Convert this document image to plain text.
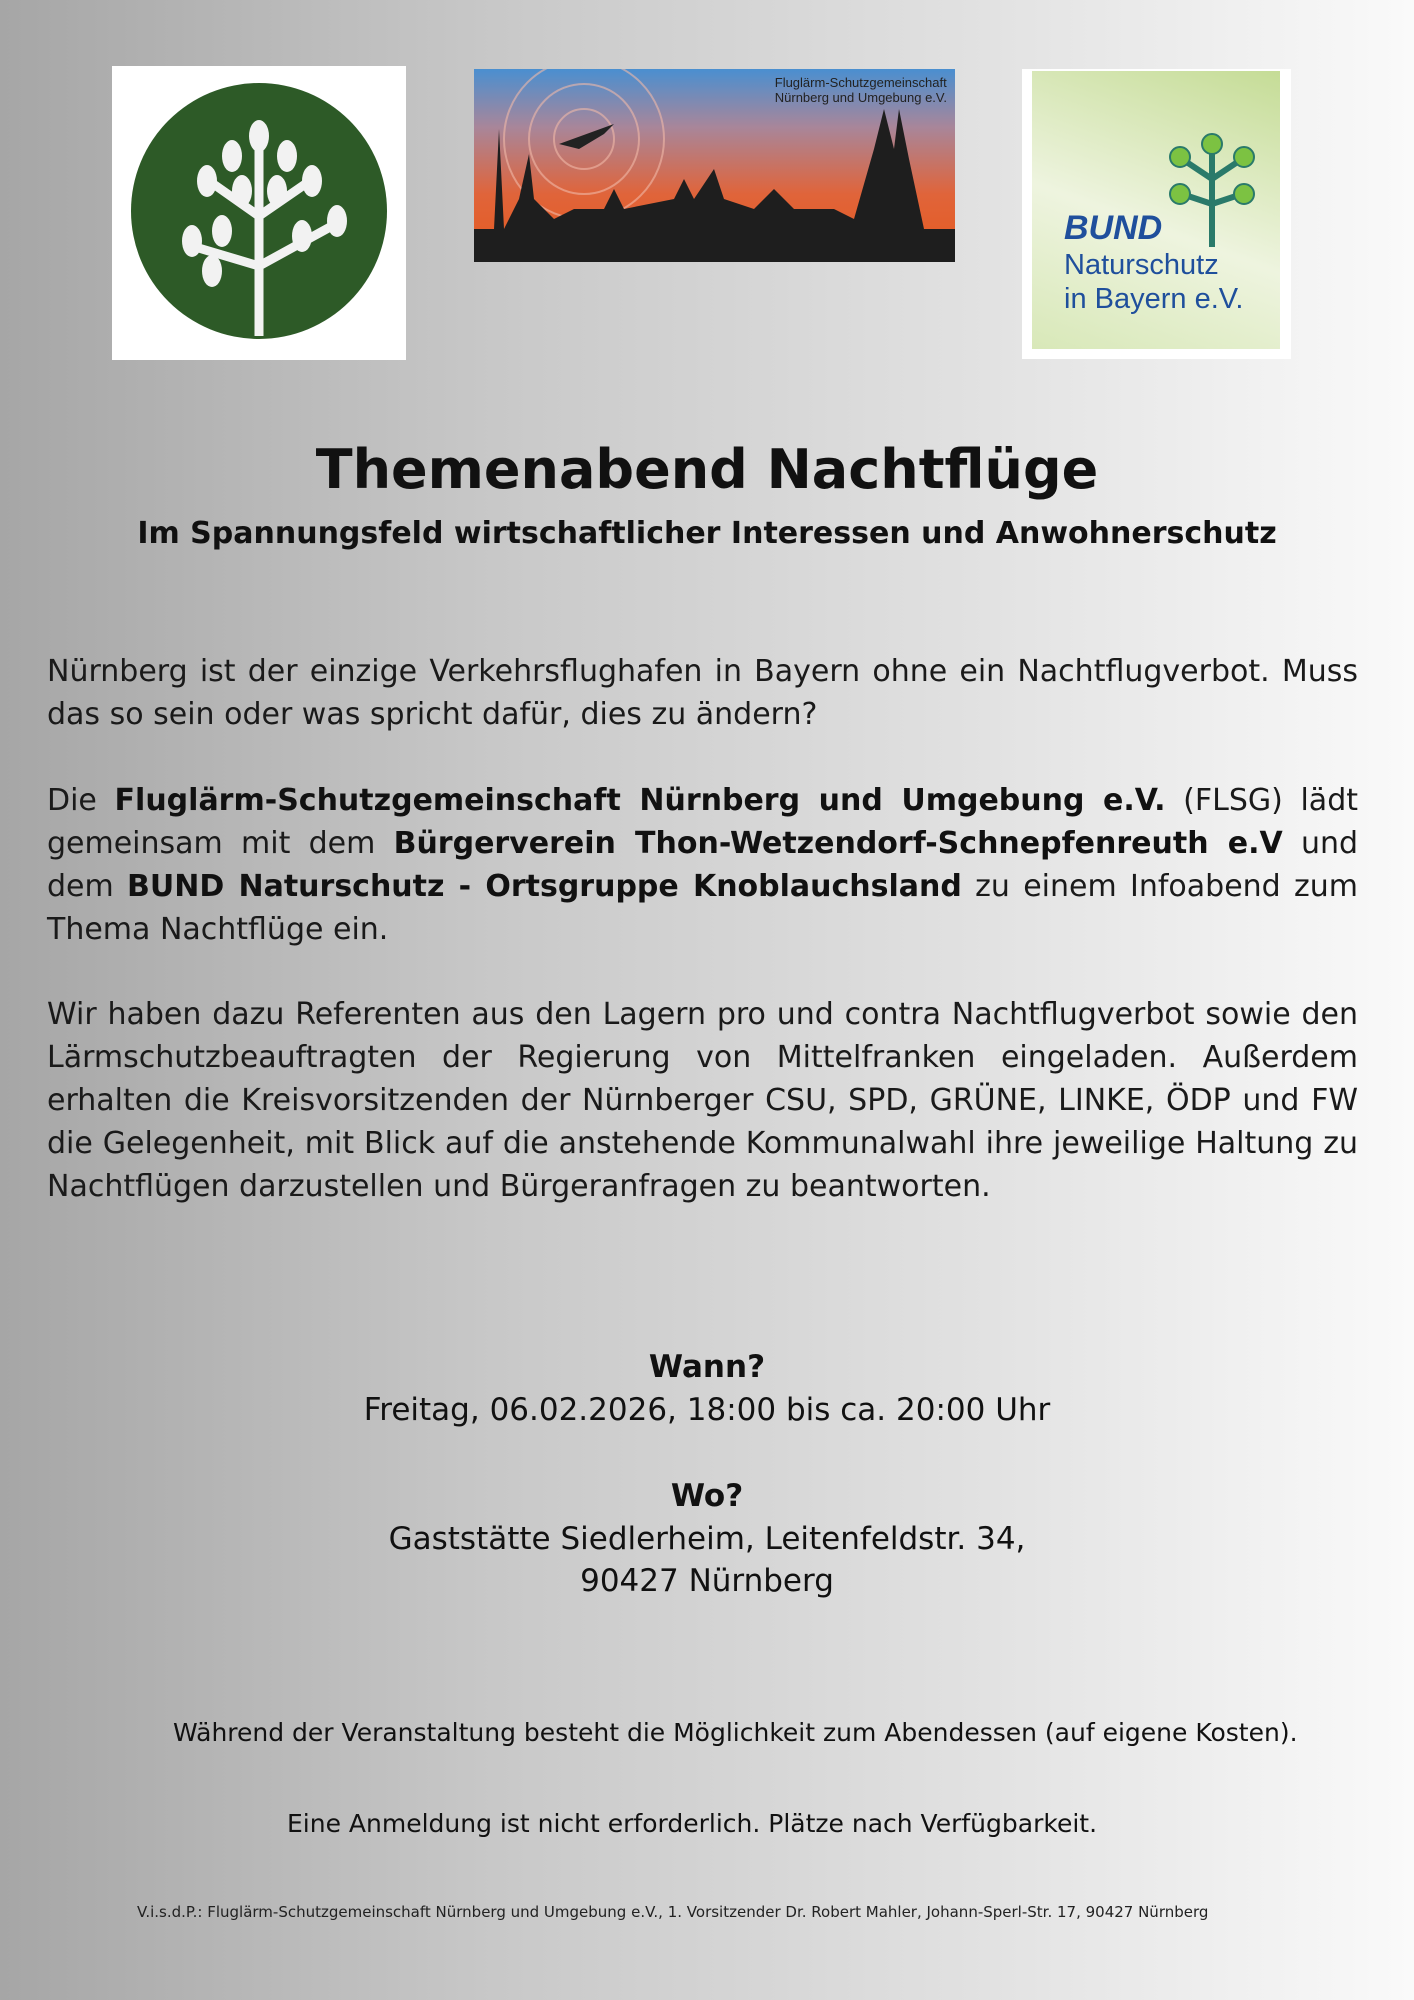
Fluglärm-Schutzgemeinschaft
Nürnberg und Umgebung e.V.
BUND
Naturschutz
in Bayern e.V.
Themenabend Nachtflüge
Im Spannungsfeld wirtschaftlicher Interessen und Anwohnerschutz
Nürnberg ist der einzige Verkehrsflughafen in Bayern ohne ein Nachtflugverbot. Muss das so sein oder was spricht dafür, dies zu ändern?
Die Fluglärm-Schutzgemeinschaft Nürnberg und Umgebung e.V. (FLSG) lädt gemeinsam mit dem Bürgerverein Thon-Wetzendorf-Schnepfenreuth e.V und dem BUND Naturschutz - Ortsgruppe Knoblauchsland zu einem Infoabend zum Thema Nachtflüge ein.
Wir haben dazu Referenten aus den Lagern pro und contra Nachtflugverbot sowie den Lärmschutzbeauftragten der Regierung von Mittelfranken eingeladen. Außerdem erhalten die Kreisvorsitzenden der Nürnberger CSU, SPD, GRÜNE, LINKE, ÖDP und FW die Gelegenheit, mit Blick auf die anstehende Kommunalwahl ihre jeweilige Haltung zu Nachtflügen darzustellen und Bürgeranfragen zu beantworten.
Wann?
Freitag, 06.02.2026, 18:00 bis ca. 20:00 Uhr
Wo?
Gaststätte Siedlerheim, Leitenfeldstr. 34,
90427 Nürnberg
Während der Veranstaltung besteht die Möglichkeit zum Abendessen (auf eigene Kosten).
Eine Anmeldung ist nicht erforderlich. Plätze nach Verfügbarkeit.
V.i.s.d.P.: Fluglärm-Schutzgemeinschaft Nürnberg und Umgebung e.V., 1. Vorsitzender Dr. Robert Mahler, Johann-Sperl-Str. 17, 90427 Nürnberg
